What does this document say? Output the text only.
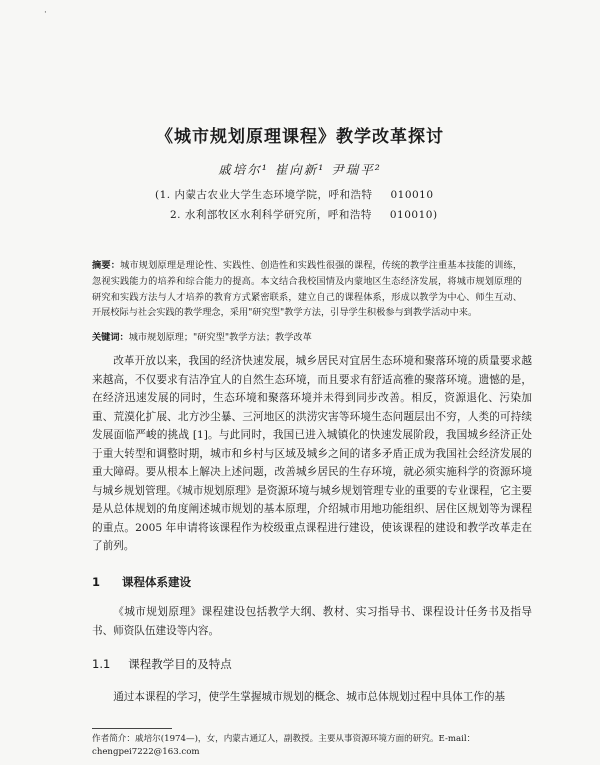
·
《城市规划原理课程》教学改革探讨
戚培尔¹ 崔向新¹ 尹瑞平²
(1. 内蒙古农业大学生态环境学院，呼和浩特 010010
2. 水利部牧区水利科学研究所，呼和浩特 010010)
摘要：城市规划原理是理论性、实践性、创造性和实践性很强的课程，传统的教学注重基本技能的训练，忽视实践能力的培养和综合能力的提高。本文结合我校国情及内蒙地区生态经济发展，将城市规划原理的研究和实践方法与人才培养的教育方式紧密联系，建立自己的课程体系，形成以教学为中心、师生互动、开展校际与社会实践的教学理念，采用"研究型"教学方法，引导学生积极参与到教学活动中来。
关键词：城市规划原理；"研究型"教学方法；教学改革
改革开放以来，我国的经济快速发展，城乡居民对宜居生态环境和聚落环境的质量要求越来越高，不仅要求有洁净宜人的自然生态环境，而且要求有舒适高雅的聚落环境。遗憾的是，在经济迅速发展的同时，生态环境和聚落环境并未得到同步改善。相反，资源退化、污染加重、荒漠化扩展、北方沙尘暴、三河地区的洪涝灾害等环境生态问题层出不穷，人类的可持续发展面临严峻的挑战 [1]。与此同时，我国已进入城镇化的快速发展阶段，我国城乡经济正处于重大转型和调整时期，城市和乡村与区域及城乡之间的诸多矛盾正成为我国社会经济发展的重大障碍。要从根本上解决上述问题，改善城乡居民的生存环境，就必须实施科学的资源环境与城乡规划管理。《城市规划原理》是资源环境与城乡规划管理专业的重要的专业课程，它主要是从总体规划的角度阐述城市规划的基本原理，介绍城市用地功能组织、居住区规划等为课程的重点。2005 年申请将该课程作为校级重点课程进行建设，使该课程的建设和教学改革走在了前列。
1 课程体系建设
《城市规划原理》课程建设包括教学大纲、教材、实习指导书、课程设计任务书及指导书、师资队伍建设等内容。
1.1 课程教学目的及特点
通过本课程的学习，使学生掌握城市规划的概念、城市总体规划过程中具体工作的基
作者简介：戚培尔(1974—)，女，内蒙古通辽人，副教授。主要从事资源环境方面的研究。E-mail：chengpei7222@163.com
